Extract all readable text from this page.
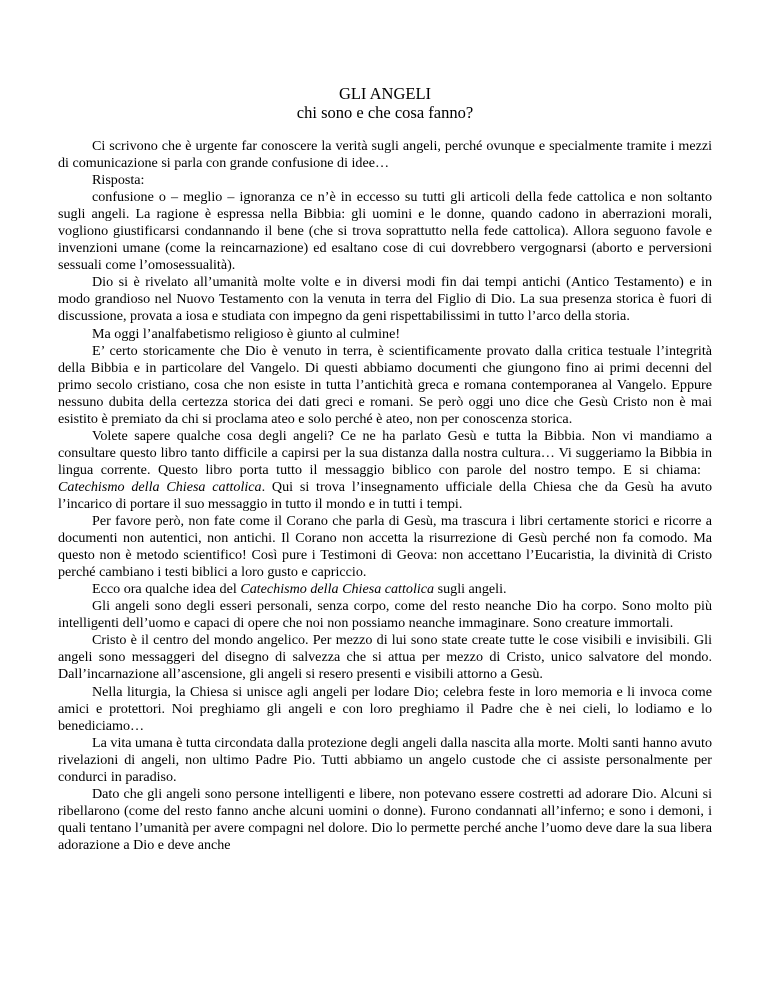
GLI ANGELI
chi sono e che cosa fanno?

Ci scrivono che è urgente far conoscere la verità sugli angeli, perché ovunque e specialmente tramite i mezzi di comunicazione si parla con grande confusione di idee…

Risposta:

confusione o – meglio – ignoranza ce n’è in eccesso su tutti gli articoli della fede cattolica e non soltanto sugli angeli. La ragione è espressa nella Bibbia: gli uomini e le donne, quando cadono in aberrazioni morali, vogliono giustificarsi condannando il bene (che si trova soprattutto nella fede cattolica). Allora seguono favole e invenzioni umane (come la reincarnazione) ed esaltano cose di cui dovrebbero vergognarsi (aborto e perversioni sessuali come l’omosessualità).

Dio si è rivelato all’umanità molte volte e in diversi modi fin dai tempi antichi (Antico Testamento) e in modo grandioso nel Nuovo Testamento con la venuta in terra del Figlio di Dio. La sua presenza storica è fuori di discussione, provata a iosa e studiata con impegno da geni rispettabilissimi in tutto l’arco della storia.

Ma oggi l’analfabetismo religioso è giunto al culmine!

E’ certo storicamente che Dio è venuto in terra, è scientificamente provato dalla critica testuale l’integrità della Bibbia e in particolare del Vangelo. Di questi abbiamo documenti che giungono fino ai primi decenni del primo secolo cristiano, cosa che non esiste in tutta l’antichità greca e romana contemporanea al Vangelo. Eppure nessuno dubita della certezza storica dei dati greci e romani. Se però oggi uno dice che Gesù Cristo non è mai esistito è premiato da chi si proclama ateo e solo perché è ateo, non per conoscenza storica.

Volete sapere qualche cosa degli angeli? Ce ne ha parlato Gesù e tutta la Bibbia. Non vi mandiamo a consultare questo libro tanto difficile a capirsi per la sua distanza dalla nostra cultura… Vi suggeriamo la Bibbia in lingua corrente. Questo libro porta tutto il messaggio biblico con parole del nostro tempo. E si chiama:   Catechismo della Chiesa cattolica. Qui si trova l’insegnamento ufficiale della Chiesa che da Gesù ha avuto l’incarico di portare il suo messaggio in tutto il mondo e in tutti i tempi.

Per favore però, non fate come il Corano che parla di Gesù, ma trascura i libri certamente storici e ricorre a documenti non autentici, non antichi. Il Corano non accetta la risurrezione di Gesù perché non fa comodo. Ma questo non è metodo scientifico! Così pure i Testimoni di Geova: non accettano l’Eucaristia, la divinità di Cristo perché cambiano i testi biblici a loro gusto e capriccio.

Ecco ora qualche idea del Catechismo della Chiesa cattolica sugli angeli.

Gli angeli sono degli esseri personali, senza corpo, come del resto neanche Dio ha corpo. Sono molto più intelligenti dell’uomo e capaci di opere che noi non possiamo neanche immaginare. Sono creature immortali.

Cristo è il centro del mondo angelico. Per mezzo di lui sono state create tutte le cose visibili e invisibili. Gli angeli sono messaggeri del disegno di salvezza che si attua per mezzo di Cristo, unico salvatore del mondo. Dall’incarnazione all’ascensione, gli angeli si resero presenti e visibili attorno a Gesù.

Nella liturgia, la Chiesa si unisce agli angeli per lodare Dio; celebra feste in loro memoria e li invoca come amici e protettori. Noi preghiamo gli angeli e con loro preghiamo il Padre che è nei cieli, lo lodiamo e lo benediciamo…

La vita umana è tutta circondata dalla protezione degli angeli dalla nascita alla morte. Molti santi hanno avuto rivelazioni di angeli, non ultimo Padre Pio. Tutti abbiamo un angelo custode che ci assiste personalmente per condurci in paradiso.

Dato che gli angeli sono persone intelligenti e libere, non potevano essere costretti ad adorare Dio. Alcuni si ribellarono (come del resto fanno anche alcuni uomini o donne). Furono condannati all’inferno; e sono i demoni, i quali tentano l’umanità per avere compagni nel dolore. Dio lo permette perché anche l’uomo deve dare la sua libera adorazione a Dio e deve anche
